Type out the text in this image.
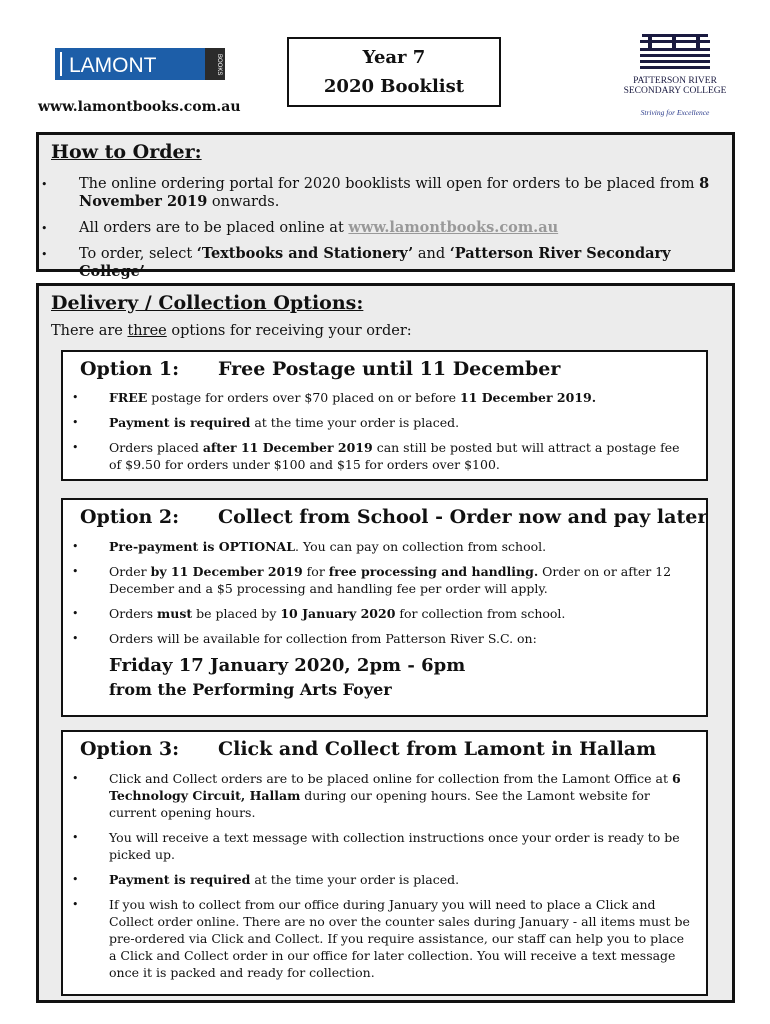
LAMONT	BOOKS
www.lamontbooks.com.au
Year 7
2020 Booklist	PATTERSON RIVER
SECONDARY COLLEGE
Striving for Excellence
How to Order:
• The online ordering portal for 2020 booklists will open for orders to be placed from 8 November 2019 onwards.
• All orders are to be placed online at www.lamontbooks.com.au
• To order, select ‘Textbooks and Stationery’ and ‘Patterson River Secondary College’
Delivery / Collection Options:
There are three options for receiving your order:
Option 1: Free Postage until 11 December
• FREE postage for orders over $70 placed on or before 11 December 2019.
• Payment is required at the time your order is placed.
• Orders placed after 11 December 2019 can still be posted but will attract a postage fee of $9.50 for orders under $100 and $15 for orders over $100.
Option 2: Collect from School - Order now and pay later
• Pre-payment is OPTIONAL. You can pay on collection from school.
• Order by 11 December 2019 for free processing and handling. Order on or after 12 December and a $5 processing and handling fee per order will apply.
• Orders must be placed by 10 January 2020 for collection from school.
• Orders will be available for collection from Patterson River S.C. on:
Friday 17 January 2020, 2pm - 6pm
from the Performing Arts Foyer
Option 3: Click and Collect from Lamont in Hallam
• Click and Collect orders are to be placed online for collection from the Lamont Office at 6 Technology Circuit, Hallam during our opening hours. See the Lamont website for current opening hours.
• You will receive a text message with collection instructions once your order is ready to be picked up.
• Payment is required at the time your order is placed.
• If you wish to collect from our office during January you will need to place a Click and Collect order online. There are no over the counter sales during January - all items must be pre-ordered via Click and Collect. If you require assistance, our staff can help you to place a Click and Collect order in our office for later collection. You will receive a text message once it is packed and ready for collection.
